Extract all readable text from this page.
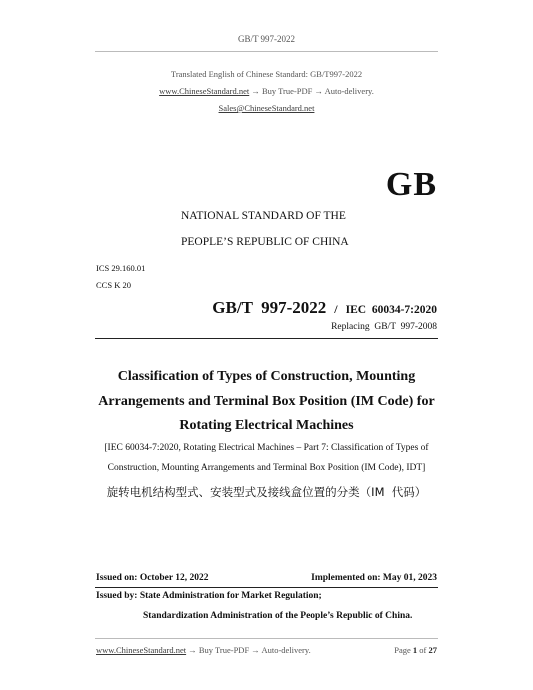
GB/T 997-2022
Translated English of Chinese Standard: GB/T997-2022
www.ChineseStandard.net → Buy True-PDF → Auto-delivery.
Sales@ChineseStandard.net
GB
NATIONAL STANDARD OF THE
PEOPLE’S REPUBLIC OF CHINA
ICS 29.160.01
CCS K 20
GB/T  997-2022 / IEC  60034-7:2020
Replacing  GB/T  997-2008
Classification of Types of Construction, Mounting
Arrangements and Terminal Box Position (IM Code) for
Rotating Electrical Machines
[IEC 60034-7:2020, Rotating Electrical Machines – Part 7: Classification of Types of
Construction, Mounting Arrangements and Terminal Box Position (IM Code), IDT]
旋转电机结构型式、安装型式及接线盒位置的分类（IM  代码）
Issued on: October 12, 2022	Implemented on: May 01, 2023
Issued by: State Administration for Market Regulation;
Standardization Administration of the People’s Republic of China.
www.ChineseStandard.net → Buy True-PDF → Auto-delivery.	Page 1 of 27
